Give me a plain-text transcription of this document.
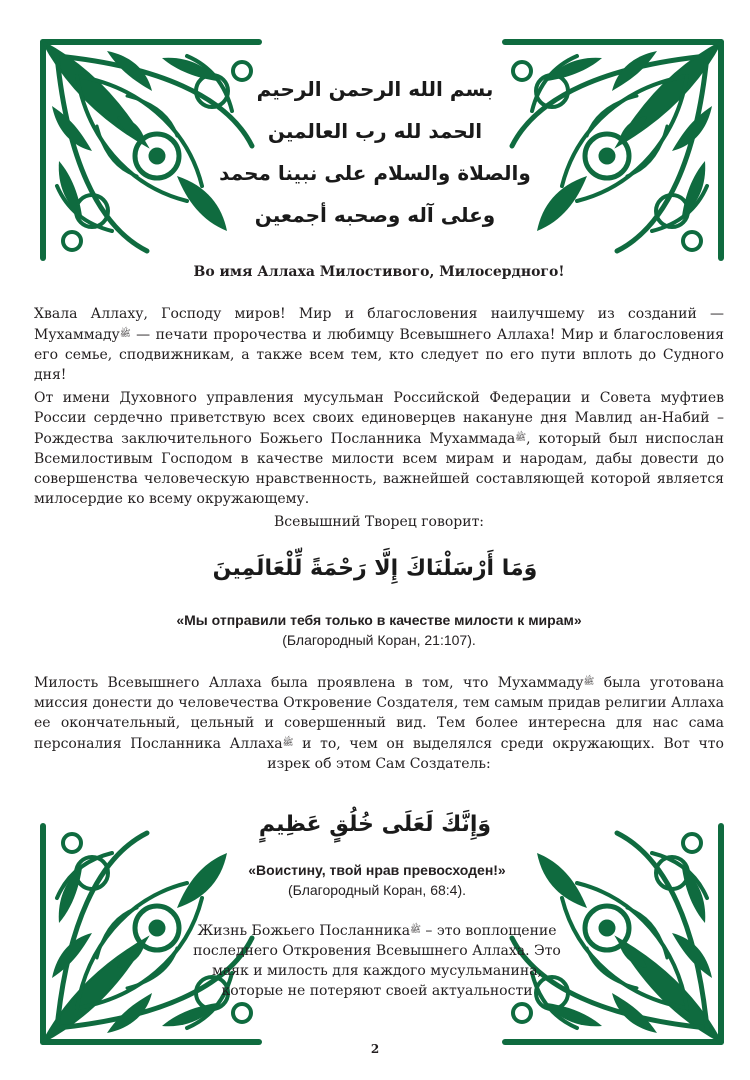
بسم الله الرحمن الرحيم
الحمد لله رب العالمين
والصلاة والسلام على نبينا محمد
وعلى آله وصحبه أجمعين
Во имя Аллаха Милостивого, Милосердного!
Хвала Аллаху, Господу миров! Мир и благословения наилучшему из созданий — Мухаммаду$^ﷺ$ — печати пророчества и любимцу Всевышнего Аллаха! Мир и благословения его семье, сподвижникам, а также всем тем, кто следует по его пути вплоть до Судного дня!
От имени Духовного управления мусульман Российской Федерации и Совета муфтиев России сердечно приветствую всех своих единоверцев накануне дня Мавлид ан-Набий – Рождества заключительного Божьего Посланника Мухаммада$^ﷺ$, который был ниспослан Всемилостивым Господом в качестве милости всем мирам и народам, дабы довести до совершенства человеческую нравственность, важнейшей составляющей которой является милосердие ко всему окружающему.
Всевышний Творец говорит:
وَمَا أَرْسَلْنَاكَ إِلَّا رَحْمَةً لِّلْعَالَمِينَ
«Мы отправили тебя только в качестве милости к мирам»
(Благородный Коран, 21:107).
Милость Всевышнего Аллаха была проявлена в том, что Мухаммаду$^ﷺ$ была уготована миссия донести до человечества Откровение Создателя, тем самым придав религии Аллаха ее окончательный, цельный и совершенный вид. Тем более интересна для нас сама персоналия Посланника Аллаха$^ﷺ$ и то, чем он выделялся среди окружающих. Вот что изрек об этом Сам Создатель:
وَإِنَّكَ لَعَلَى خُلُقٍ عَظِيمٍ
«Воистину, твой нрав превосходен!»
(Благородный Коран, 68:4).
Жизнь Божьего Посланника$^ﷺ$ – это воплощение последнего Откровения Всевышнего Аллаха. Это маяк и милость для каждого мусульманина, которые не потеряют своей актуальности
2
